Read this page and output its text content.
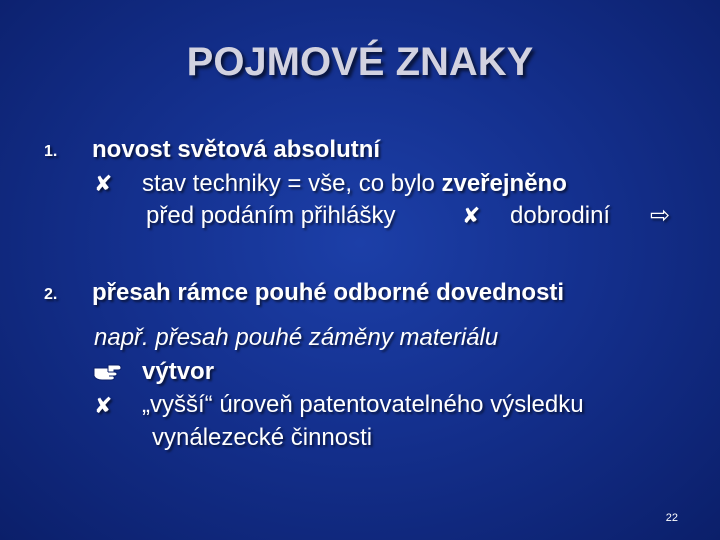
POJMOVÉ ZNAKY
1. novost světová absolutní
✘ stav techniky = vše, co bylo zveřejněno
před podáním přihlášky	✘ dobrodiní ⇨
2. přesah rámce pouhé odborné dovednosti
např. přesah pouhé záměny materiálu
výtvor
✘ „vyšší“ úroveň patentovatelného výsledku
vynálezecké činnosti
22
